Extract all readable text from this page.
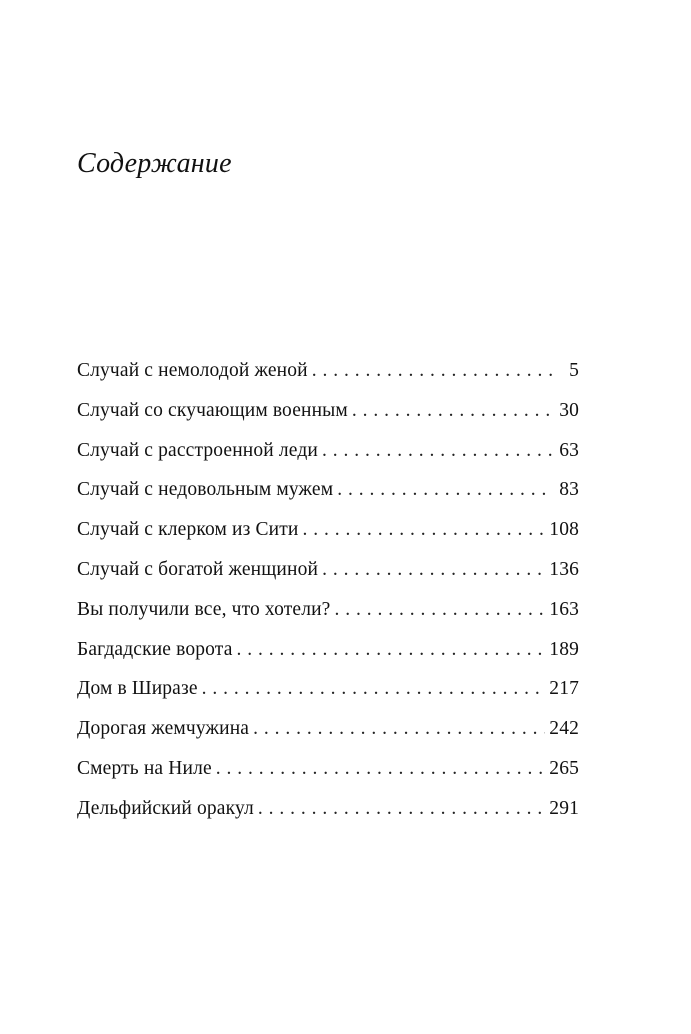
Содержание
Случай с немолодой женой . . .	5
Случай со скучающим военным . . .	30
Случай с расстроенной леди . . .	63
Случай с недовольным мужем . . .	83
Случай с клерком из Сити . . .	108
Случай с богатой женщиной . . .	136
Вы получили все, что хотели? . . .	163
Багдадские ворота . . .	189
Дом в Ширазе . . .	217
Дорогая жемчужина . . .	242
Смерть на Ниле . . .	265
Дельфийский оракул . . .	291
